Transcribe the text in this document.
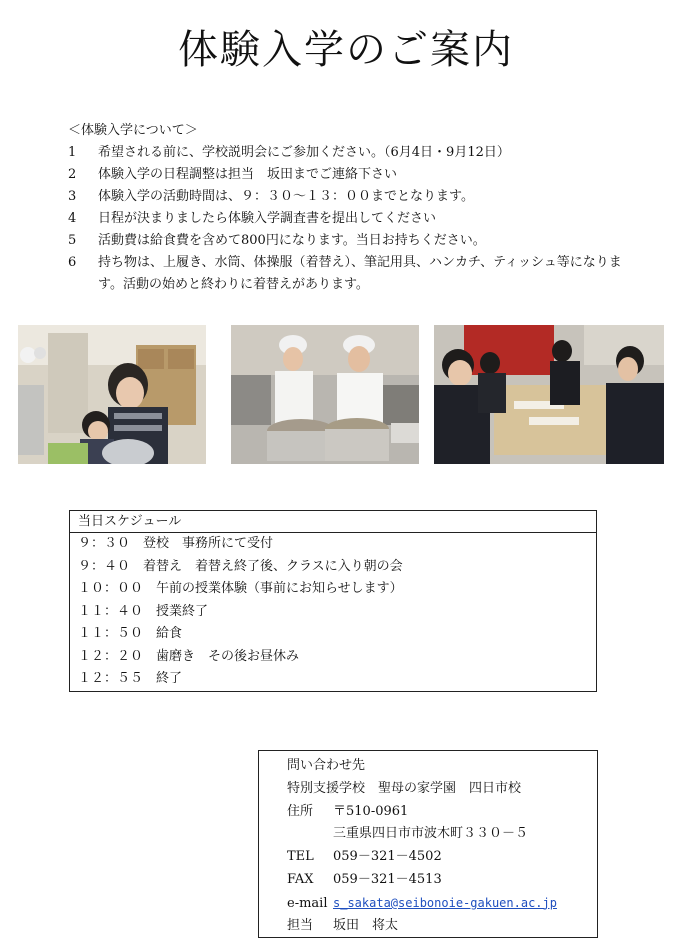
体験入学のご案内
＜体験入学について＞
1	希望される前に、学校説明会にご参加ください。（6月4日・9月12日）
2	体験入学の日程調整は担当　坂田までご連絡下さい
3	体験入学の活動時間は、９：３０～１３：００までとなります。
4	日程が決まりましたら体験入学調査書を提出してください
5	活動費は給食費を含めて800円になります。当日お持ちください。
6	持ち物は、上履き、水筒、体操服（着替え）、筆記用具、ハンカチ、ティッシュ等になります。活動の始めと終わりに着替えがあります。
当日スケジュール
９：３０　登校　事務所にて受付
９：４０　着替え　着替え終了後、クラスに入り朝の会
１０：００　午前の授業体験（事前にお知らせします）
１１：４０　授業終了
１１：５０　給食
１２：２０　歯磨き　その後お昼休み
１２：５５　終了
問い合わせ先
特別支援学校　聖母の家学園　四日市校
住所 〒510-0961
三重県四日市市波木町３３０－５
TEL 059－321－4502
FAX 059－321－4513
e-mail s_sakata@seibonoie-gakuen.ac.jp
担当 坂田　将太
